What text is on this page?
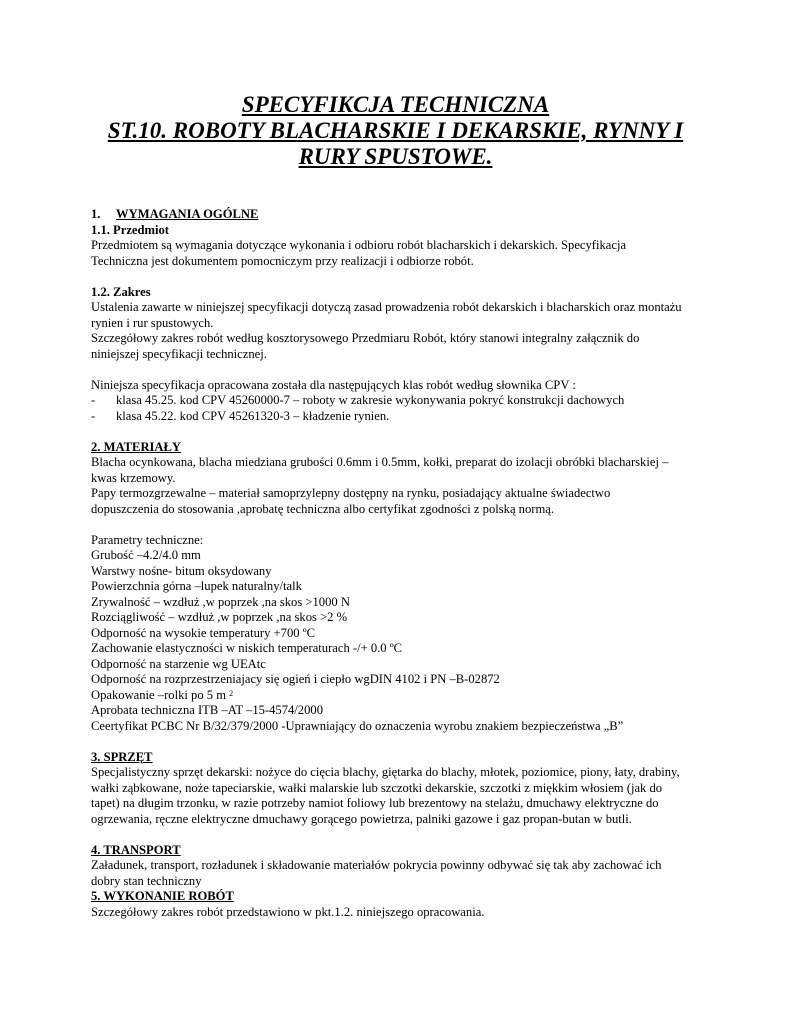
SPECYFIKCJA TECHNICZNA
ST.10. ROBOTY BLACHARSKIE I DEKARSKIE, RYNNY I
RURY SPUSTOWE.

1. WYMAGANIA OGÓLNE

1.1. Przedmiot

Przedmiotem są wymagania dotyczące wykonania i odbioru robót blacharskich i dekarskich. Specyfikacja

Techniczna jest dokumentem pomocniczym przy realizacji i odbiorze robót.

1.2. Zakres

Ustalenia zawarte w niniejszej specyfikacji dotyczą zasad prowadzenia robót dekarskich i blacharskich oraz montażu

rynien i rur spustowych.

Szczegółowy zakres robót według kosztorysowego Przedmiaru Robót, który stanowi integralny załącznik do

niniejszej specyfikacji technicznej.

Niniejsza specyfikacja opracowana została dla następujących klas robót według słownika CPV :

- klasa 45.25. kod CPV 45260000-7 – roboty w zakresie wykonywania pokryć konstrukcji dachowych

- klasa 45.22. kod CPV 45261320-3 – kładzenie rynien.

2. MATERIAŁY

Blacha ocynkowana, blacha miedziana grubości 0.6mm i 0.5mm, kołki, preparat do izolacji obróbki blacharskiej –

kwas krzemowy.

Papy termozgrzewalne – materiał samoprzylepny dostępny na rynku, posiadający aktualne świadectwo

dopuszczenia do stosowania ,aprobatę techniczna albo certyfikat zgodności z polską normą.

Parametry techniczne:

Grubość –4.2/4.0 mm

Warstwy nośne- bitum oksydowany

Powierzchnia górna –lupek naturalny/talk

Zrywalność – wzdłuż ,w poprzek ,na skos >1000 N

Rozciągliwość – wzdłuż ,w poprzek ,na skos >2 %

Odporność na wysokie temperatury +700 ºC

Zachowanie elastyczności w niskich temperaturach -/+ 0.0 ºC

Odporność na starzenie wg UEAtc

Odporność na rozprzestrzeniajacy się ogień i ciepło wgDIN 4102 i PN –B-02872

Opakowanie –rolki po 5 m $^2$

Aprobata techniczna ITB –AT –15-4574/2000

Ceertyfikat PCBC Nr B/32/379/2000 -Uprawniający do oznaczenia wyrobu znakiem bezpieczeństwa „B”

3. SPRZĘT

Specjalistyczny sprzęt dekarski: nożyce do cięcia blachy, giętarka do blachy, młotek, poziomice, piony, łaty, drabiny,

wałki ząbkowane, noże tapeciarskie, wałki malarskie lub szczotki dekarskie, szczotki z miękkim włosiem (jak do

tapet) na długim trzonku, w razie potrzeby namiot foliowy lub brezentowy na stelażu, dmuchawy elektryczne do

ogrzewania, ręczne elektryczne dmuchawy gorącego powietrza, palniki gazowe i gaz propan-butan w butli.

4. TRANSPORT

Załadunek, transport, rozładunek i składowanie materiałów pokrycia powinny odbywać się tak aby zachować ich

dobry stan techniczny

5. WYKONANIE ROBÓT

Szczegółowy zakres robót przedstawiono w pkt.1.2. niniejszego opracowania.
